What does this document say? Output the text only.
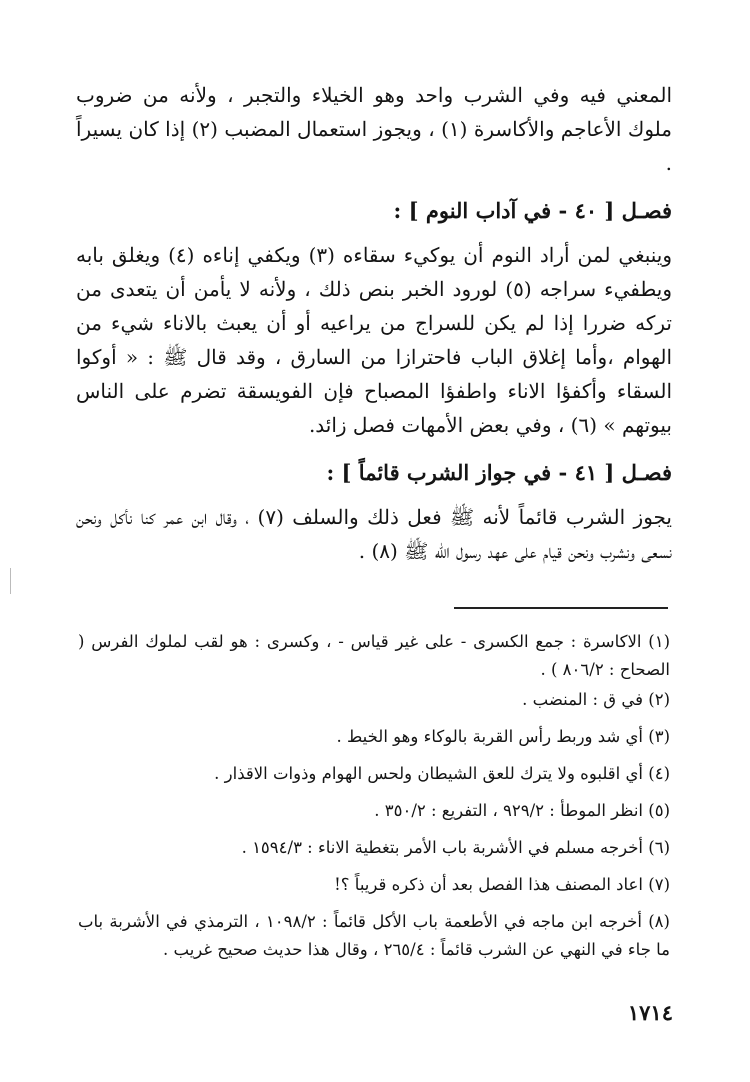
المعني فيه وفي الشرب واحد وهو الخيلاء والتجبر ، ولأنه من ضروب ملوك الأعاجم والأكاسرة (١) ، ويجوز استعمال المضبب (٢) إذا كان يسيراً .

فصـل [ ٤٠ - في آداب النوم ] :

وينبغي لمن أراد النوم أن يوكيء سقاءه (٣) ويكفي إناءه (٤) ويغلق بابه ويطفيء سراجه (٥) لورود الخبر بنص ذلك ، ولأنه لا يأمن أن يتعدى من تركه ضررا إذا لم يكن للسراج من يراعيه أو أن يعبث بالاناء شيء من الهوام ،وأما إغلاق الباب فاحترازا من السارق ، وقد قال ﷺ : « أوكوا السقاء وأكفؤا الاناء واطفؤا المصباح فإن الفويسقة تضرم على الناس بيوتهم » (٦) ، وفي بعض الأمهات فصل زائد.

فصـل [ ٤١ - في جواز الشرب قائماً ] :

يجوز الشرب قائماً لأنه ﷺ فعل ذلك والسلف (٧) ، وقال ابن عمر كنا نأكل ونحن نسعى ونشرب ونحن قيام على عهد رسول الله ﷺ (٨) .

(١) الاكاسرة : جمع الكسرى - على غير قياس - ، وكسرى : هو لقب لملوك الفرس ( الصحاح : ٨٠٦/٢ ) .

(٢) في ق : المنضب .

(٣) أي شد وربط رأس القربة بالوكاء وهو الخيط .

(٤) أي اقلبوه ولا يترك للعق الشيطان ولحس الهوام وذوات الاقذار .

(٥) انظر الموطأ : ٩٢٩/٢ ، التفريع : ٣٥٠/٢ .

(٦) أخرجه مسلم في الأشربة باب الأمر بتغطية الاناء : ١٥٩٤/٣ .

(٧) اعاد المصنف هذا الفصل بعد أن ذكره قريباً ؟!

(٨) أخرجه ابن ماجه في الأطعمة باب الأكل قائماً : ١٠٩٨/٢ ، الترمذي في الأشربة باب ما جاء في النهي عن الشرب قائماً : ٢٦٥/٤ ، وقال هذا حديث صحيح غريب .

١٧١٤
